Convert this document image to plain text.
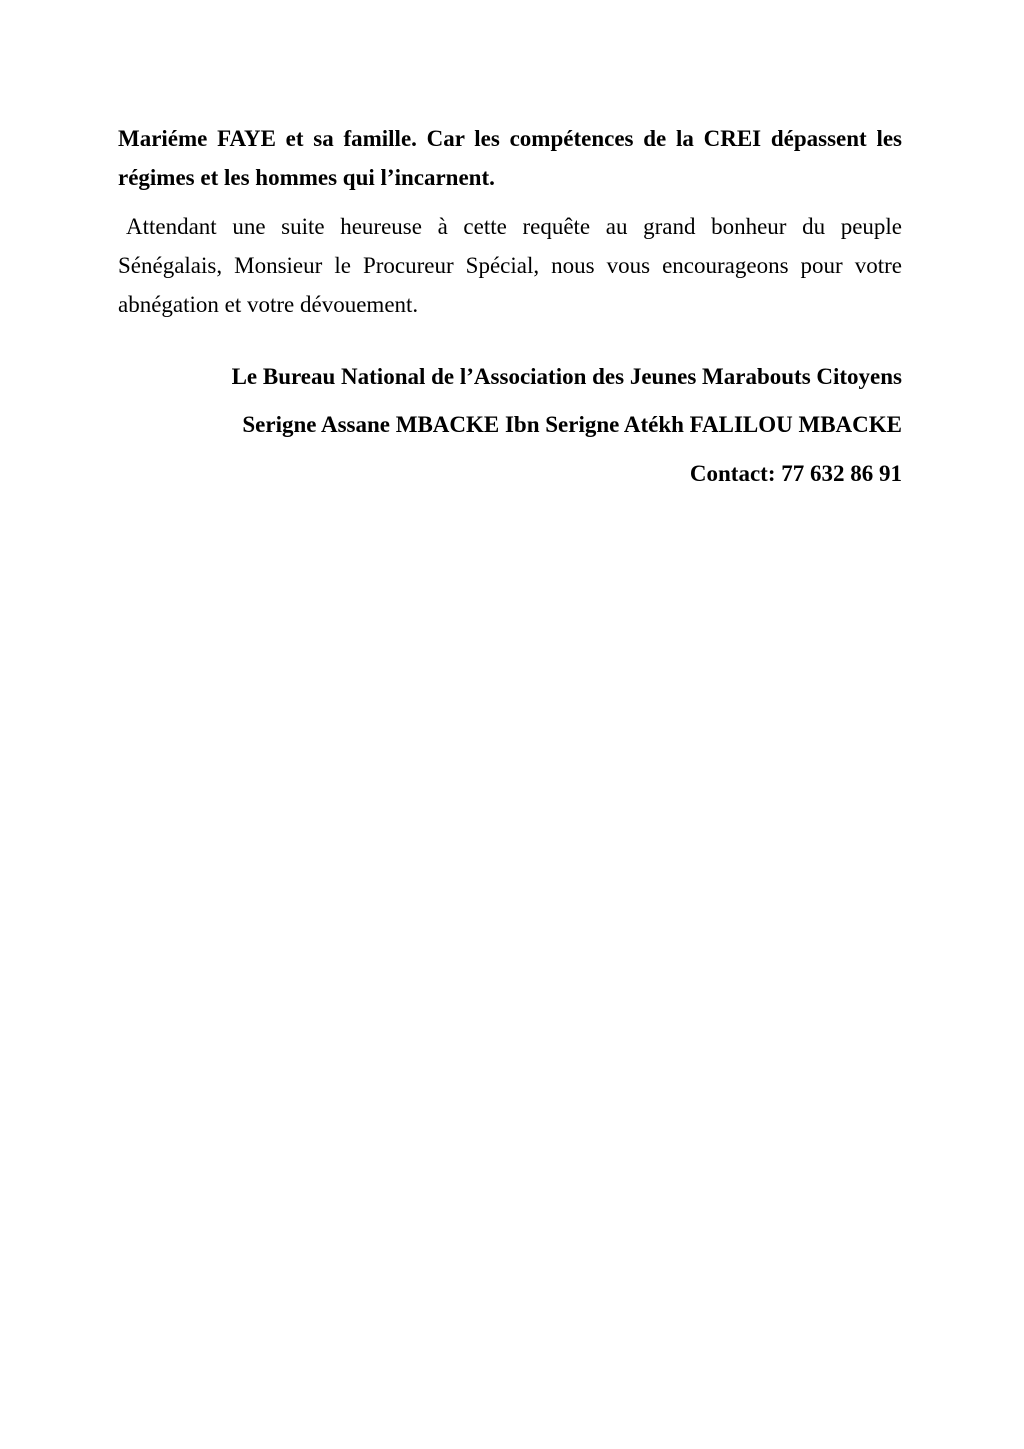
Mariéme FAYE et sa famille. Car les compétences de la CREI dépassent les
régimes et les hommes qui l’incarnent.
Attendant une suite heureuse à cette requête au grand bonheur du peuple
Sénégalais, Monsieur le Procureur Spécial, nous vous encourageons pour votre
abnégation et votre dévouement.
Le Bureau National de l’Association des Jeunes Marabouts Citoyens
Serigne Assane MBACKE Ibn Serigne Atékh FALILOU MBACKE
Contact: 77 632 86 91
